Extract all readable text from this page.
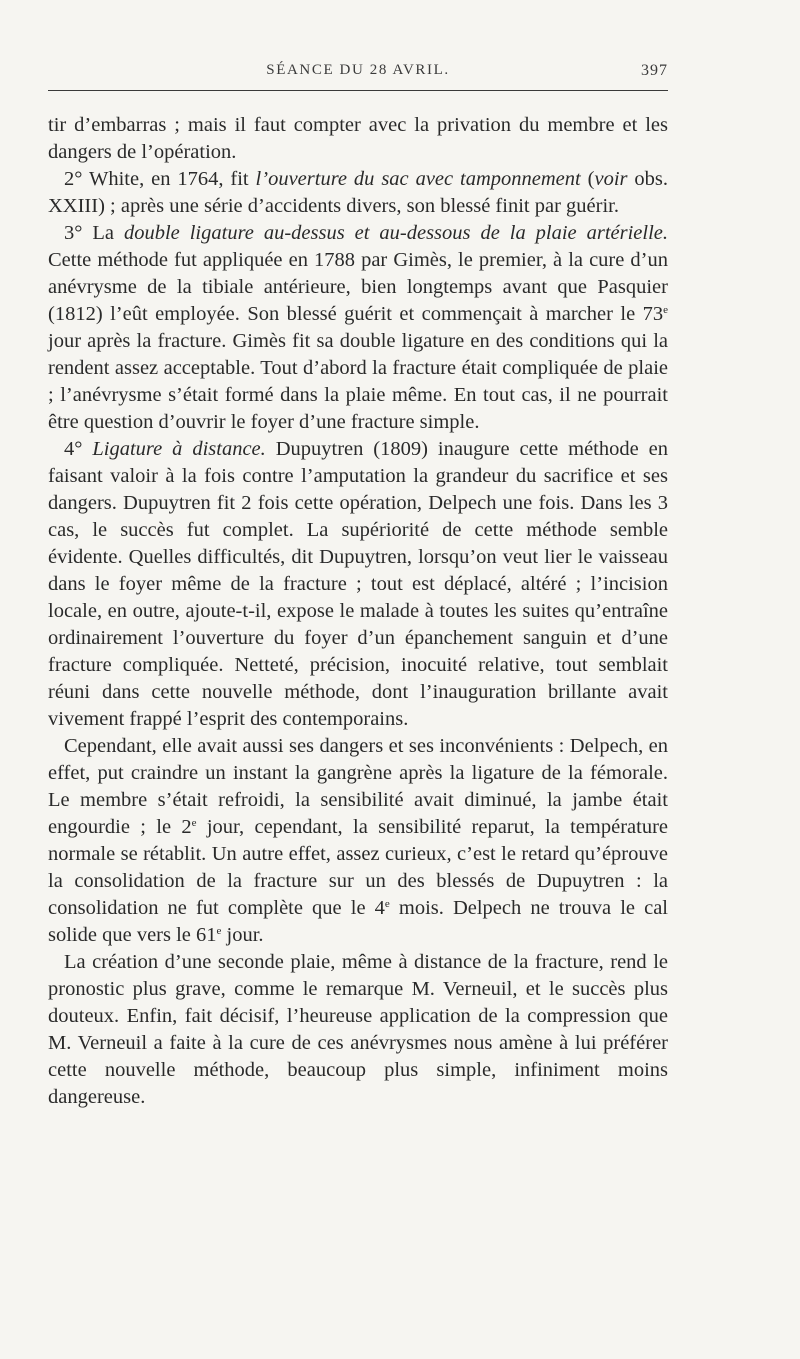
SÉANCE DU 28 AVRIL.	397

tir d’embarras ; mais il faut compter avec la privation du membre et les dangers de l’opération.

2° White, en 1764, fit l’ouverture du sac avec tamponnement (voir obs. XXIII) ; après une série d’accidents divers, son blessé finit par guérir.

3° La double ligature au-dessus et au-dessous de la plaie artérielle. Cette méthode fut appliquée en 1788 par Gimès, le premier, à la cure d’un anévrysme de la tibiale antérieure, bien longtemps avant que Pasquier (1812) l’eût employée. Son blessé guérit et commençait à marcher le 73e jour après la fracture. Gimès fit sa double ligature en des conditions qui la rendent assez acceptable. Tout d’abord la fracture était compliquée de plaie ; l’anévrysme s’était formé dans la plaie même. En tout cas, il ne pourrait être question d’ouvrir le foyer d’une fracture simple.

4° Ligature à distance. Dupuytren (1809) inaugure cette méthode en faisant valoir à la fois contre l’amputation la grandeur du sacrifice et ses dangers. Dupuytren fit 2 fois cette opération, Delpech une fois. Dans les 3 cas, le succès fut complet. La supériorité de cette méthode semble évidente. Quelles difficultés, dit Dupuytren, lorsqu’on veut lier le vaisseau dans le foyer même de la fracture ; tout est déplacé, altéré ; l’incision locale, en outre, ajoute-t-il, expose le malade à toutes les suites qu’entraîne ordinairement l’ouverture du foyer d’un épanchement sanguin et d’une fracture compliquée. Netteté, précision, inocuité relative, tout semblait réuni dans cette nouvelle méthode, dont l’inauguration brillante avait vivement frappé l’esprit des contemporains.

Cependant, elle avait aussi ses dangers et ses inconvénients : Delpech, en effet, put craindre un instant la gangrène après la ligature de la fémorale. Le membre s’était refroidi, la sensibilité avait diminué, la jambe était engourdie ; le 2e jour, cependant, la sensibilité reparut, la température normale se rétablit. Un autre effet, assez curieux, c’est le retard qu’éprouve la consolidation de la fracture sur un des blessés de Dupuytren : la consolidation ne fut complète que le 4e mois. Delpech ne trouva le cal solide que vers le 61e jour.

La création d’une seconde plaie, même à distance de la fracture, rend le pronostic plus grave, comme le remarque M. Verneuil, et le succès plus douteux. Enfin, fait décisif, l’heureuse application de la compression que M. Verneuil a faite à la cure de ces anévrysmes nous amène à lui préférer cette nouvelle méthode, beaucoup plus simple, infiniment moins dangereuse.
